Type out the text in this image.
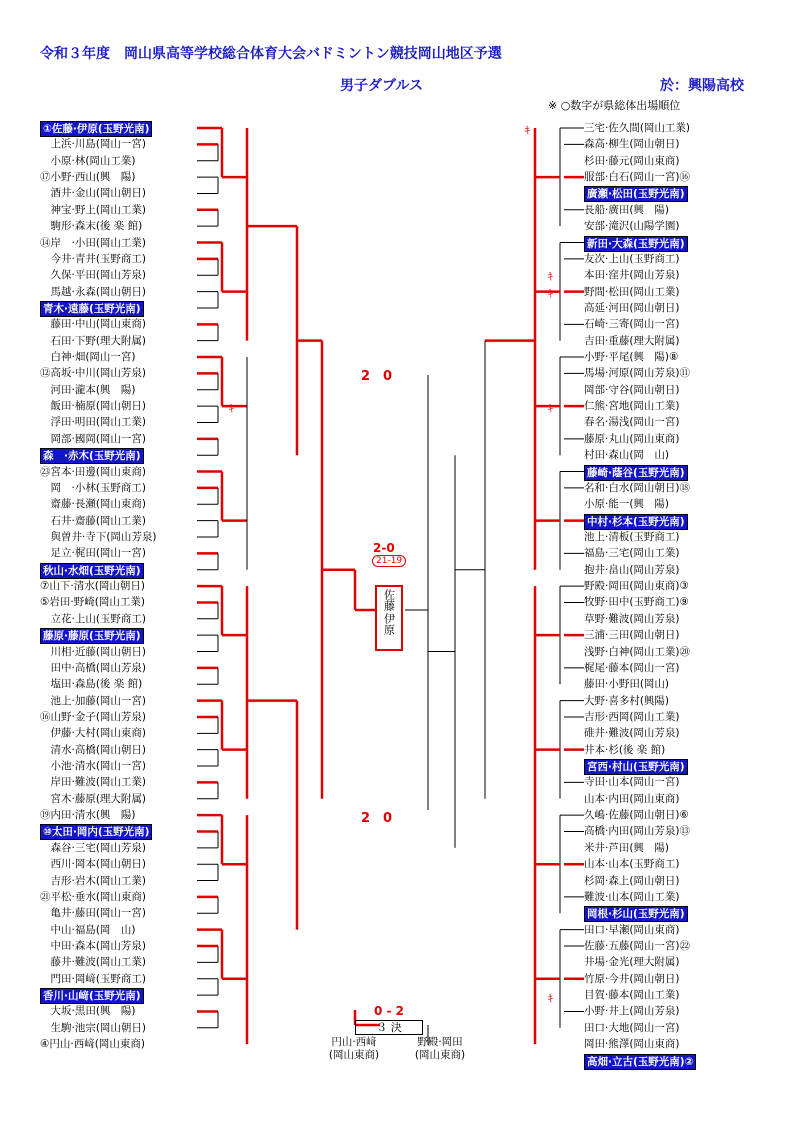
令和３年度　岡山県高等学校総合体育大会バドミントン競技岡山地区予選
男子ダブルス	於：興陽高校
※ ○数字が県総体出場順位
①佐藤·伊原(玉野光南)
　上浜·川島(岡山一宮)
　小原·林(岡山工業)
⑰小野·西山(興　陽)
　酒井·金山(岡山朝日)
　神宝·野上(岡山工業)
　駒形·森末(後 楽 館)
⑭岸　·小田(岡山工業)
　今井·青井(玉野商工)
　久保·平田(岡山芳泉)
　馬越·永森(岡山朝日)
青木·遠藤(玉野光南)
　藤田·中山(岡山東商)
　石田·下野(理大附属)
　白神·畑(岡山一宮)
⑫高坂·中川(岡山芳泉)
　河田·瀧本(興　陽)
　飯田·楠原(岡山朝日)
　浮田·明田(岡山工業)
　岡部·國岡(岡山一宮)
森　·赤木(玉野光南)
㉓宮本·田邊(岡山東商)
　岡　·小林(玉野商工)
　齋藤·長瀬(岡山東商)
　石井·齋藤(岡山工業)
　與曽井·寺下(岡山芳泉)
　足立·梶田(岡山一宮)
秋山·水畑(玉野光南)
⑦山下·清水(岡山朝日)
⑤岩田·野崎(岡山工業)
　立花·上山(玉野商工)
藤原·藤原(玉野光南)
　川相·近藤(岡山朝日)
　田中·高橋(岡山芳泉)
　塩田·森島(後 楽 館)
　池上·加藤(岡山一宮)
⑯山野·金子(岡山芳泉)
　伊藤·大村(岡山東商)
　清水·高橋(岡山朝日)
　小池·清水(岡山一宮)
　岸田·難波(岡山工業)
　宮木·藤原(理大附属)
⑲内田·清水(興　陽)
⑩太田·岡内(玉野光南)
　森谷·三宅(岡山芳泉)
　西川·岡本(岡山朝日)
　吉形·岩木(岡山工業)
㉑平松·垂水(岡山東商)
　亀井·藤田(岡山一宮)
　中山·福島(岡　山)
　中田·森本(岡山芳泉)
　藤井·難波(岡山工業)
　門田·岡﨑(玉野商工)
香川·山﨑(玉野光南)
　大坂·黒田(興　陽)
　生駒·池宗(岡山朝日)
④円山·西﨑(岡山東商)
三宅·佐久間(岡山工業)
森高·柳生(岡山朝日)
杉田·藤元(岡山東商)
服部·白石(岡山一宮)⑯
廣瀬·松田(玉野光南)
長船·廣田(興　陽)
安部·滝沢(山陽学園)
新田·大森(玉野光南)
友次·上山(玉野商工)
本田·窪井(岡山芳泉)
野間·松田(岡山工業)
高延·河田(岡山朝日)
石崎·三寄(岡山一宮)
吉田·重藤(理大附属)
小野·平尾(興　陽)⑧
馬場·河原(岡山芳泉)⑪
岡部·守谷(岡山朝日)
仁熊·宮地(岡山工業)
春名·湯浅(岡山一宮)
藤原·丸山(岡山東商)
村田·森山(岡　山)
藤崎·蔭谷(玉野光南)
名和·白水(岡山朝日)⑱
小原·能一(興　陽)
中村·杉本(玉野光南)
池上·清板(玉野商工)
福島·三宅(岡山工業)
抱井·畠山(岡山芳泉)
野殿·岡田(岡山東商)③
牧野·田中(玉野商工)⑨
草野·難波(岡山芳泉)
三浦·三田(岡山朝日)
浅野·白神(岡山工業)⑳
梶尾·藤本(岡山一宮)
藤田·小野田(岡山)
大野·喜多村(興陽)
吉形·西岡(岡山工業)
碓井·難波(岡山芳泉)
井本·杉(後 楽 館)
宮西·村山(玉野光南)
寺田·山本(岡山一宮)
山本·内田(岡山東商)
久嶋·佐藤(岡山朝日)⑥
高橋·内田(岡山芳泉)⑬
米井·芦田(興　陽)
山本·山本(玉野商工)
杉岡·森上(岡山朝日)
難波·山本(岡山工業)
岡根·杉山(玉野光南)
田口·早瀬(岡山東商)
佐藤·五藤(岡山一宮)㉒
井場·金光(理大附属)
竹原·今井(岡山朝日)
目賀·藤本(岡山工業)
小野·井上(岡山芳泉)
田口·大地(岡山一宮)
岡田·熊澤(岡山東商)
高畑·立古(玉野光南)②
2　0
2　0
2-0
21-19
佐藤
伊原
0 - 2
３ 決
円山·西﨑
(岡山東商)
野殿·岡田
(岡山東商)
ｷ
ｷ
ｷ
ｷ	ｷ
ｷ
